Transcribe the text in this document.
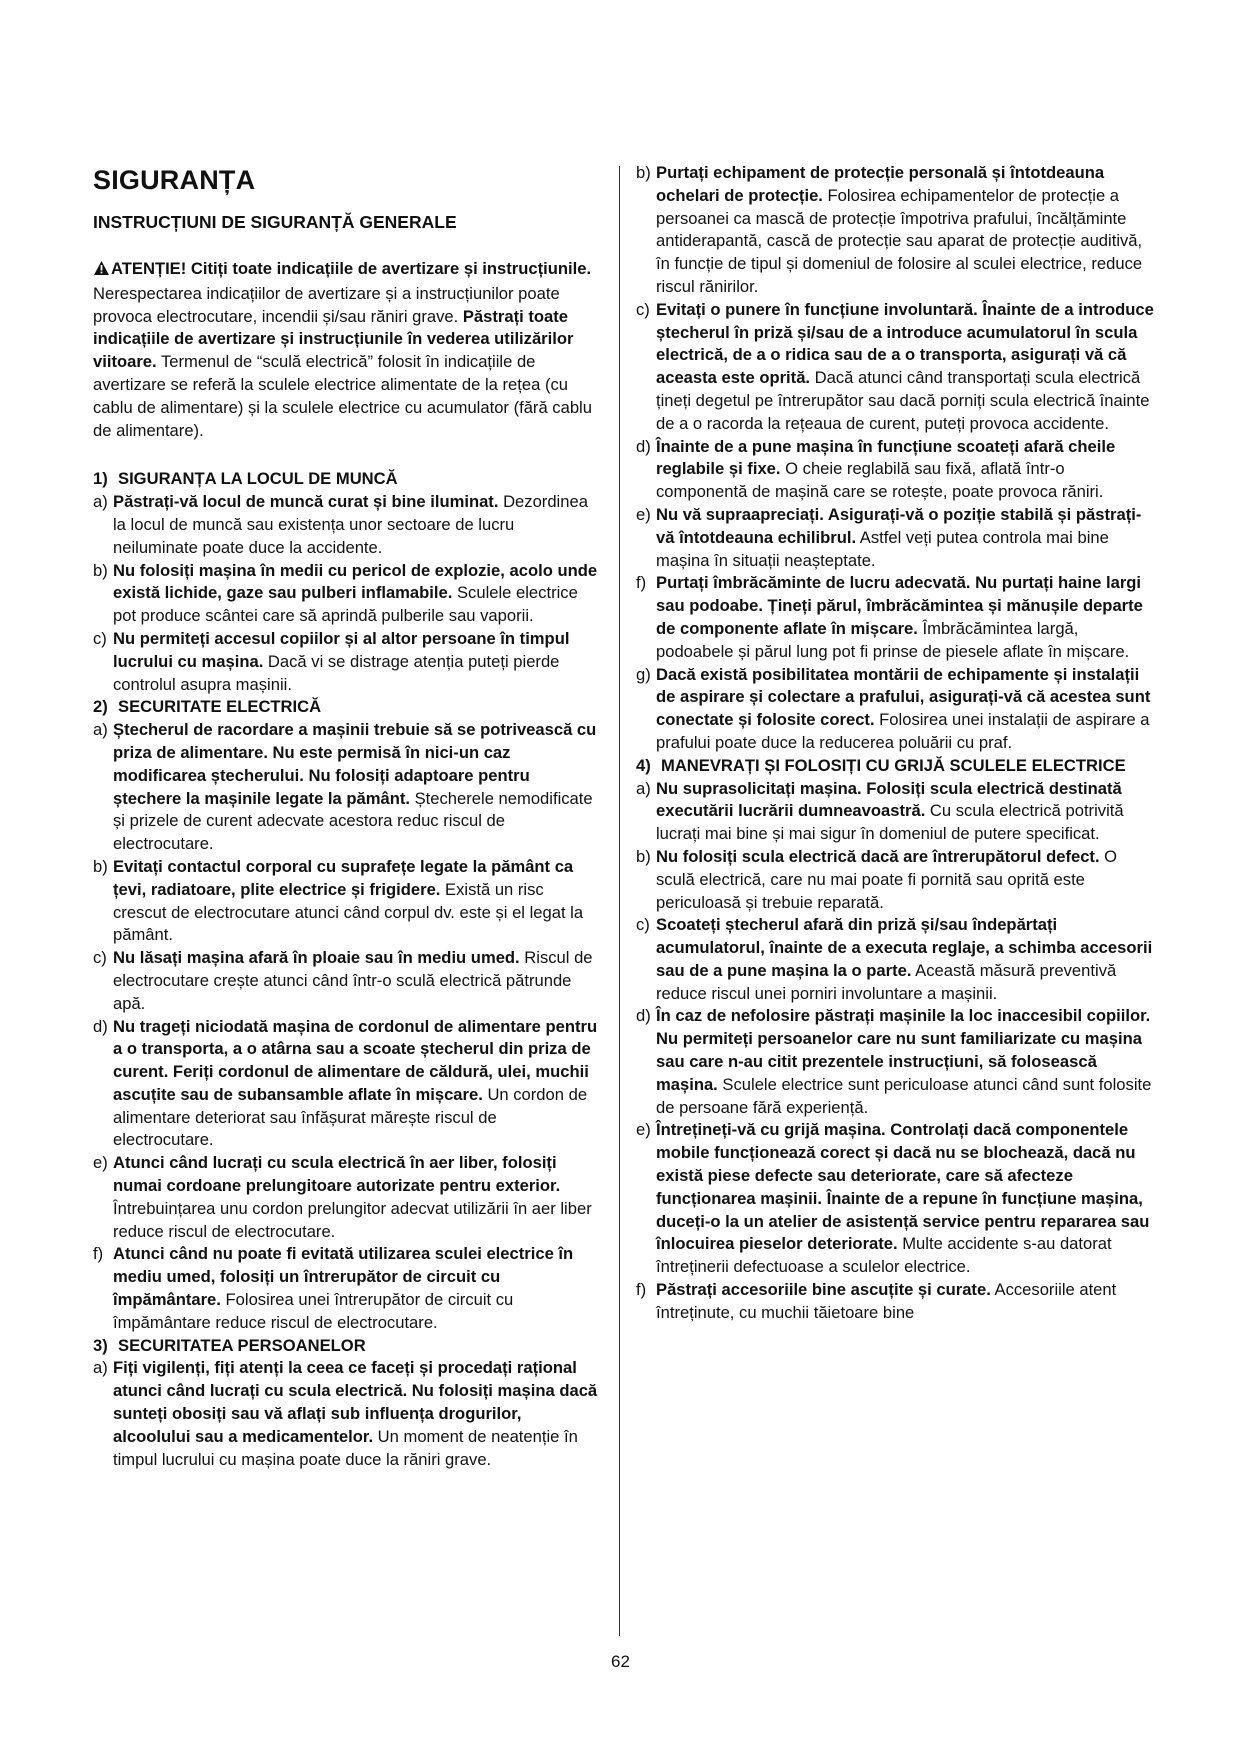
SIGURANȚA
INSTRUCȚIUNI DE SIGURANȚĂ GENERALE

ATENȚIE! Citiți toate indicațiile de avertizare și instrucțiunile. Nerespectarea indicațiilor de avertizare și a instrucțiunilor poate provoca electrocutare, incendii și/sau răniri grave. Păstrați toate indicațiile de avertizare și instrucțiunile în vederea utilizărilor viitoare. Termenul de “sculă electrică” folosit în indicațiile de avertizare se referă la sculele electrice alimentate de la rețea (cu cablu de alimentare) și la sculele electrice cu acumulator (fără cablu de alimentare).

1) SIGURANȚA LA LOCUL DE MUNCĂ

a) Păstrați-vă locul de muncă curat și bine iluminat. Dezordinea la locul de muncă sau existența unor sectoare de lucru neiluminate poate duce la accidente.

b) Nu folosiți mașina în medii cu pericol de explozie, acolo unde există lichide, gaze sau pulberi inflamabile. Sculele electrice pot produce scântei care să aprindă pulberile sau vaporii.

c) Nu permiteți accesul copiilor și al altor persoane în timpul lucrului cu mașina. Dacă vi se distrage atenția puteți pierde controlul asupra mașinii.

2) SECURITATE ELECTRICĂ

a) Ștecherul de racordare a mașinii trebuie să se potrivească cu priza de alimentare. Nu este permisă în nici-un caz modificarea ștecherului. Nu folosiți adaptoare pentru ștechere la mașinile legate la pământ. Ștecherele nemodificate și prizele de curent adecvate acestora reduc riscul de electrocutare.

b) Evitați contactul corporal cu suprafețe legate la pământ ca țevi, radiatoare, plite electrice și frigidere. Există un risc crescut de electrocutare atunci când corpul dv. este și el legat la pământ.

c) Nu lăsați mașina afară în ploaie sau în mediu umed. Riscul de electrocutare crește atunci când într-o sculă electrică pătrunde apă.

d) Nu trageți niciodată mașina de cordonul de alimentare pentru a o transporta, a o atârna sau a scoate ștecherul din priza de curent. Feriți cordonul de alimentare de căldură, ulei, muchii ascuțite sau de subansamble aflate în mișcare. Un cordon de alimentare deteriorat sau înfășurat mărește riscul de electrocutare.

e) Atunci când lucrați cu scula electrică în aer liber, folosiți numai cordoane prelungitoare autorizate pentru exterior. Întrebuințarea unu cordon prelungitor adecvat utilizării în aer liber reduce riscul de electrocutare.

f) Atunci când nu poate fi evitată utilizarea sculei electrice în mediu umed, folosiți un întrerupător de circuit cu împământare. Folosirea unei întrerupător de circuit cu împământare reduce riscul de electrocutare.

3) SECURITATEA PERSOANELOR

a) Fiți vigilenți, fiți atenți la ceea ce faceți și procedați rațional atunci când lucrați cu scula electrică. Nu folosiți mașina dacă sunteți obosiți sau vă aflați sub influența drogurilor, alcoolului sau a medicamentelor. Un moment de neatenție în timpul lucrului cu mașina poate duce la răniri grave.

b) Purtați echipament de protecție personală și întotdeauna ochelari de protecție. Folosirea echipamentelor de protecție a persoanei ca mască de protecție împotriva prafului, încălțăminte antiderapantă, cască de protecție sau aparat de protecție auditivă, în funcție de tipul și domeniul de folosire al sculei electrice, reduce riscul rănirilor.

c) Evitați o punere în funcțiune involuntară. Înainte de a introduce ștecherul în priză și/sau de a introduce acumulatorul în scula electrică, de a o ridica sau de a o transporta, asigurați vă că aceasta este oprită. Dacă atunci când transportați scula electrică țineți degetul pe întrerupător sau dacă porniți scula electrică înainte de a o racorda la rețeaua de curent, puteți provoca accidente.

d) Înainte de a pune mașina în funcțiune scoateți afară cheile reglabile și fixe. O cheie reglabilă sau fixă, aflată într-o componentă de mașină care se rotește, poate provoca răniri.

e) Nu vă supraapreciați. Asigurați-vă o poziție stabilă și păstrați-vă întotdeauna echilibrul. Astfel veți putea controla mai bine mașina în situații neașteptate.

f) Purtați îmbrăcăminte de lucru adecvată. Nu purtați haine largi sau podoabe. Țineți părul, îmbrăcămintea și mănușile departe de componente aflate în mișcare. Îmbrăcămintea largă, podoabele și părul lung pot fi prinse de piesele aflate în mișcare.

g) Dacă există posibilitatea montării de echipamente și instalații de aspirare și colectare a prafului, asigurați-vă că acestea sunt conectate și folosite corect. Folosirea unei instalații de aspirare a prafului poate duce la reducerea poluării cu praf.

4) MANEVRAȚI ȘI FOLOSIȚI CU GRIJĂ SCULELE ELECTRICE

a) Nu suprasolicitați mașina. Folosiți scula electrică destinată executării lucrării dumneavoastră. Cu scula electrică potrivită lucrați mai bine și mai sigur în domeniul de putere specificat.

b) Nu folosiți scula electrică dacă are întrerupătorul defect. O sculă electrică, care nu mai poate fi pornită sau oprită este periculoasă și trebuie reparată.

c) Scoateți ștecherul afară din priză și/sau îndepărtați acumulatorul, înainte de a executa reglaje, a schimba accesorii sau de a pune mașina la o parte. Această măsură preventivă reduce riscul unei porniri involuntare a mașinii.

d) În caz de nefolosire păstrați mașinile la loc inaccesibil copiilor. Nu permiteți persoanelor care nu sunt familiarizate cu mașina sau care n-au citit prezentele instrucțiuni, să folosească mașina. Sculele electrice sunt periculoase atunci când sunt folosite de persoane fără experiență.

e) Întrețineți-vă cu grijă mașina. Controlați dacă componentele mobile funcționează corect și dacă nu se blochează, dacă nu există piese defecte sau deteriorate, care să afecteze funcționarea mașinii. Înainte de a repune în funcțiune mașina, duceți-o la un atelier de asistență service pentru repararea sau înlocuirea pieselor deteriorate. Multe accidente s-au datorat întreținerii defectuoase a sculelor electrice.

f) Păstrați accesoriile bine ascuțite și curate. Accesoriile atent întreținute, cu muchii tăietoare bine

62
